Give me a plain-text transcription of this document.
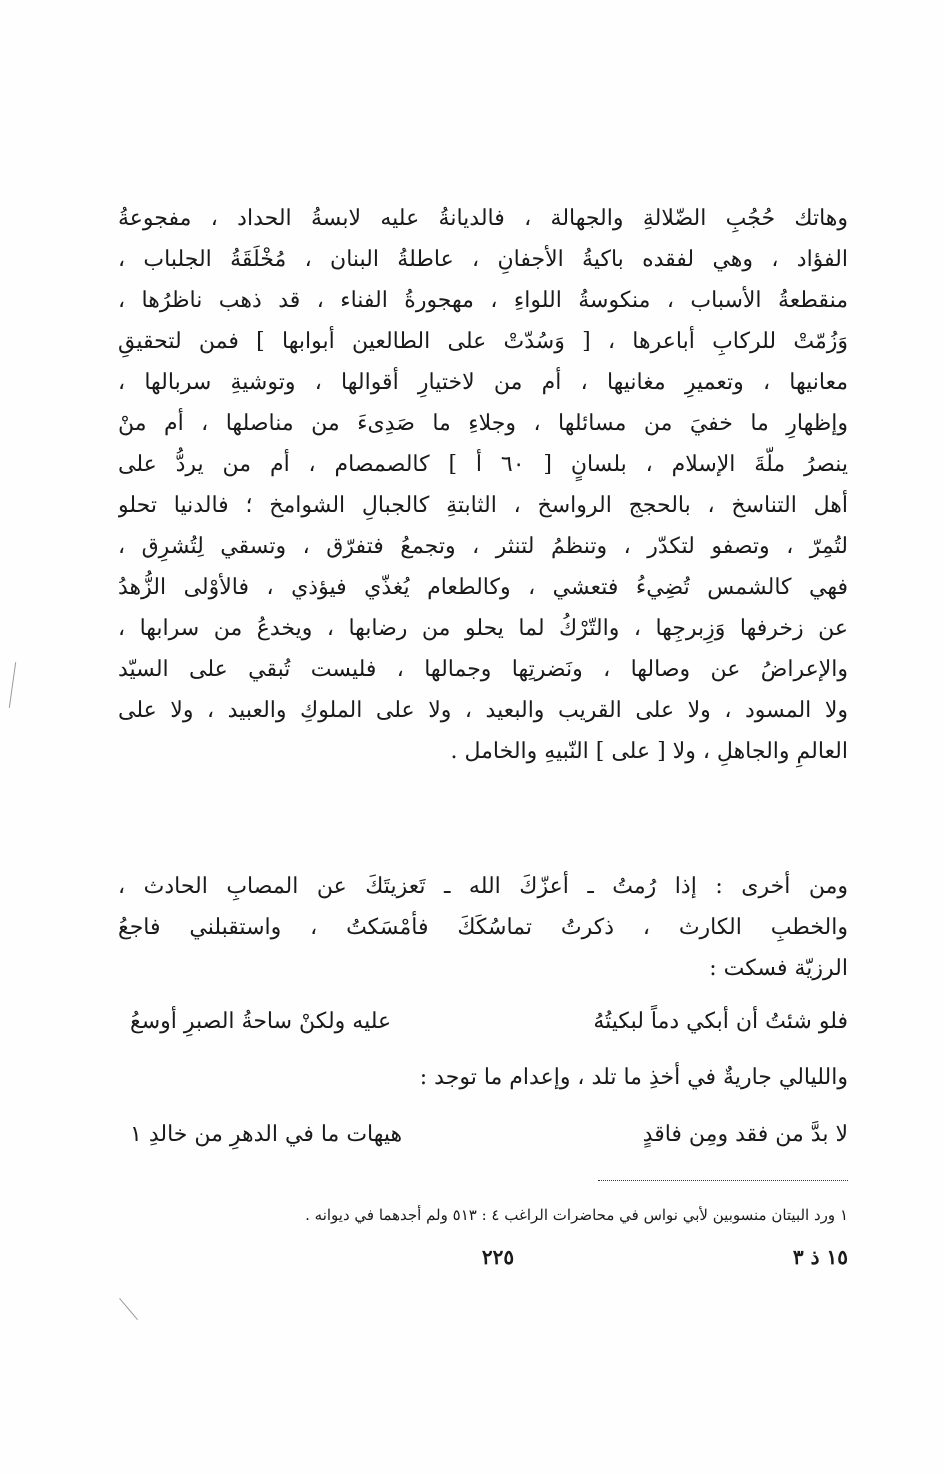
وهاتك حُجُبِ الضّلالةِ والجهالة ، فالديانةُ عليه لابسةُ الحداد ، مفجوعةُ
الفؤاد ، وهي لفقده باكيةُ الأجفانِ ، عاطلةُ البنان ، مُخْلَقَةُ الجلباب ،
منقطعةُ الأسباب ، منكوسةُ اللواءِ ، مهجورةُ الفناء ، قد ذهب ناظرُها ،
وَزُمّتْ للركابِ أباعرها ، [ وَسُدّتْ على الطالعين أبوابها ] فمن لتحقيقِ
معانيها ، وتعميرِ مغانيها ، أم من لاختيارِ أقوالها ، وتوشيةِ سربالها ،
وإظهارِ ما خفيَ من مسائلها ، وجلاءِ ما صَدِىءَ من مناصلها ، أم منْ
ينصرُ ملّةَ الإسلام ، بلسانٍ [ ٦٠ أ ] كالصمصام ، أم من يردُّ على
أهل التناسخ ، بالحجج الرواسخ ، الثابتةِ كالجبالِ الشوامخ ؛ فالدنيا تحلو
لتُمِرّ ، وتصفو لتكدّر ، وتنظمُ لتنثر ، وتجمعُ فتفرّق ، وتسقي لِتُشرِق ،
فهي كالشمس تُضِيءُ فتعشي ، وكالطعام يُغذّي فيؤذي ، فالأوْلى الزُّهدُ
عن زخرفها وَزِبرجِها ، والتّرْكُ لما يحلو من رضابها ، ويخدعُ من سرابها ،
والإعراضُ عن وصالها ، ونَضرتِها وجمالها ، فليست تُبقي على السيّد
ولا المسود ، ولا على القريب والبعيد ، ولا على الملوكِ والعبيد ، ولا على
العالمِ والجاهلِ ، ولا [ على ] النّبيهِ والخامل .
ومن أخرى : إذا رُمتُ ـ أعزّكَ الله ـ تَعزيتَكَ عن المصابِ الحادث ،
والخطبِ الكارث ، ذكرتُ تماسُكَكَ فأمْسَكتُ ، واستقبلني فاجعُ
الرزيّة فسكت :
فلو شئتُ أن أبكي دماً لبكيتُهُ
عليه ولكنْ ساحةُ الصبرِ أوسعُ
والليالي جاريةٌ في أخذِ ما تلد ، وإعدام ما توجد :
لا بدَّ من فقد ومِن فاقدٍ
هيهات ما في الدهرِ من خالدِ ١
١ ورد البيتان منسوبين لأبي نواس في محاضرات الراغب ٤ : ٥١٣ ولم أجدهما في ديوانه .
٢٢٥	١٥ ذ ٣
